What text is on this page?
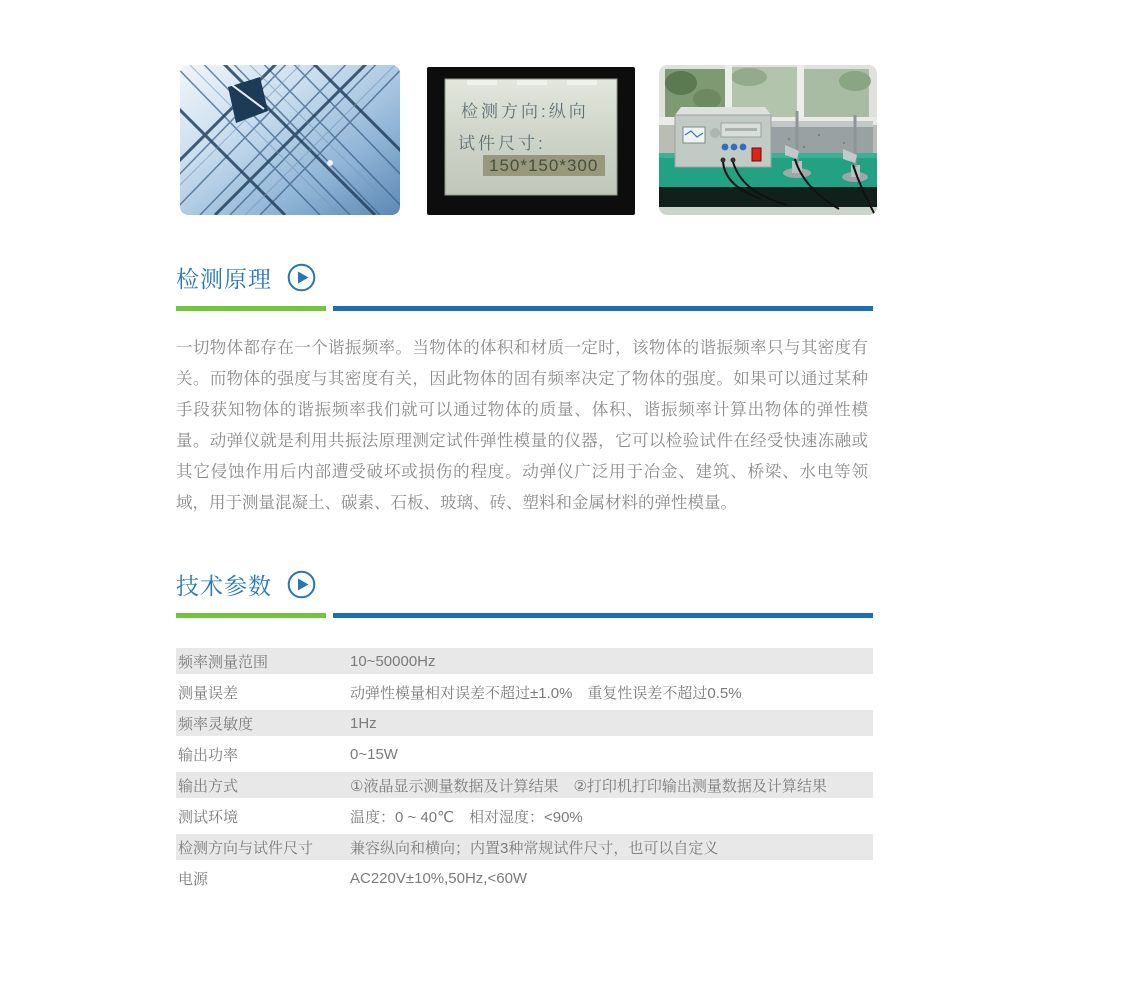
检测方向:纵向
试件尺寸:
150*150*300
检测原理
一切物体都存在一个谐振频率。当物体的体积和材质一定时，该物体的谐振频率只与其密度有关。而物体的强度与其密度有关，因此物体的固有频率决定了物体的强度。如果可以通过某种手段获知物体的谐振频率我们就可以通过物体的质量、体积、谐振频率计算出物体的弹性模量。动弹仪就是利用共振法原理测定试件弹性模量的仪器，它可以检验试件在经受快速冻融或其它侵蚀作用后内部遭受破坏或损伤的程度。动弹仪广泛用于冶金、建筑、桥梁、水电等领域，用于测量混凝土、碳素、石板、玻璃、砖、塑料和金属材料的弹性模量。
技术参数
频率测量范围	10~50000Hz
测量误差	动弹性模量相对误差不超过±1.0%　重复性误差不超过0.5%
频率灵敏度	1Hz
输出功率	0~15W
输出方式	①液晶显示测量数据及计算结果　②打印机打印输出测量数据及计算结果
测试环境	温度：0 ~ 40℃　相对湿度：<90%
检测方向与试件尺寸	兼容纵向和横向；内置3种常规试件尺寸，也可以自定义
电源	AC220V±10%,50Hz,<60W
